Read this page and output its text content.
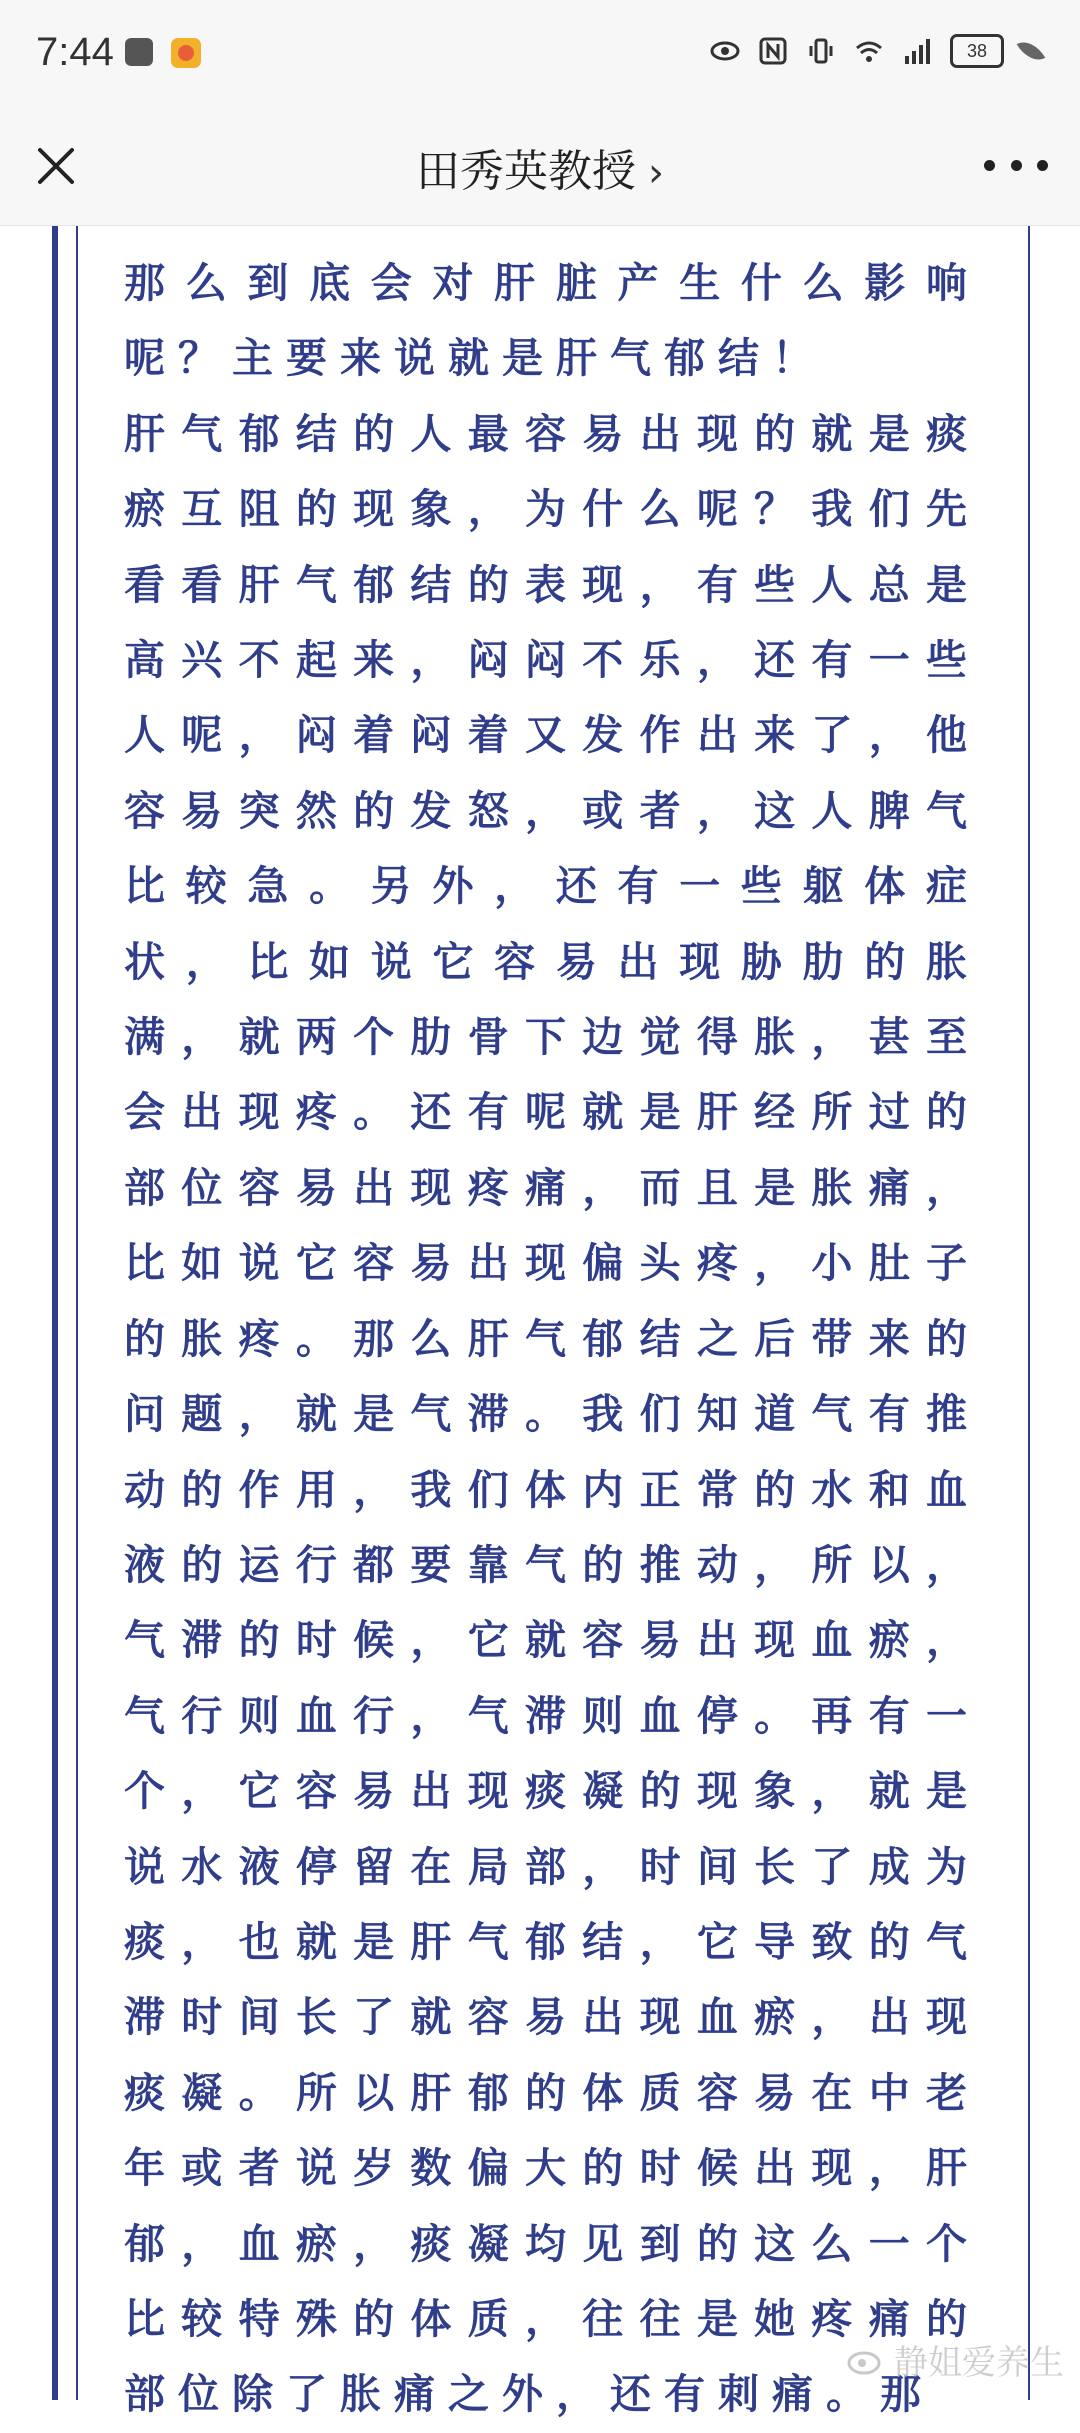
7:44	38
田秀英教授 ›

那么到底会对肝脏产生什么影响呢？主要来说就是肝气郁结！

肝气郁结的人最容易出现的就是痰瘀互阻的现象，为什么呢？我们先看看肝气郁结的表现，有些人总是高兴不起来，闷闷不乐，还有一些人呢，闷着闷着又发作出来了，他容易突然的发怒，或者，这人脾气比较急。另外，还有一些躯体症状，比如说它容易出现胁肋的胀满，就两个肋骨下边觉得胀，甚至会出现疼。还有呢就是肝经所过的部位容易出现疼痛，而且是胀痛，比如说它容易出现偏头疼，小肚子的胀疼。那么肝气郁结之后带来的问题，就是气滞。我们知道气有推动的作用，我们体内正常的水和血液的运行都要靠气的推动，所以，气滞的时候，它就容易出现血瘀，气行则血行，气滞则血停。再有一个，它容易出现痰凝的现象，就是说水液停留在局部，时间长了成为痰，也就是肝气郁结，它导致的气滞时间长了就容易出现血瘀，出现痰凝。所以肝郁的体质容易在中老年或者说岁数偏大的时候出现，肝郁，血瘀，痰凝均见到的这么一个比较特殊的体质，往往是她疼痛的部位除了胀痛之外，还有刺痛。那

静姐爱养生
